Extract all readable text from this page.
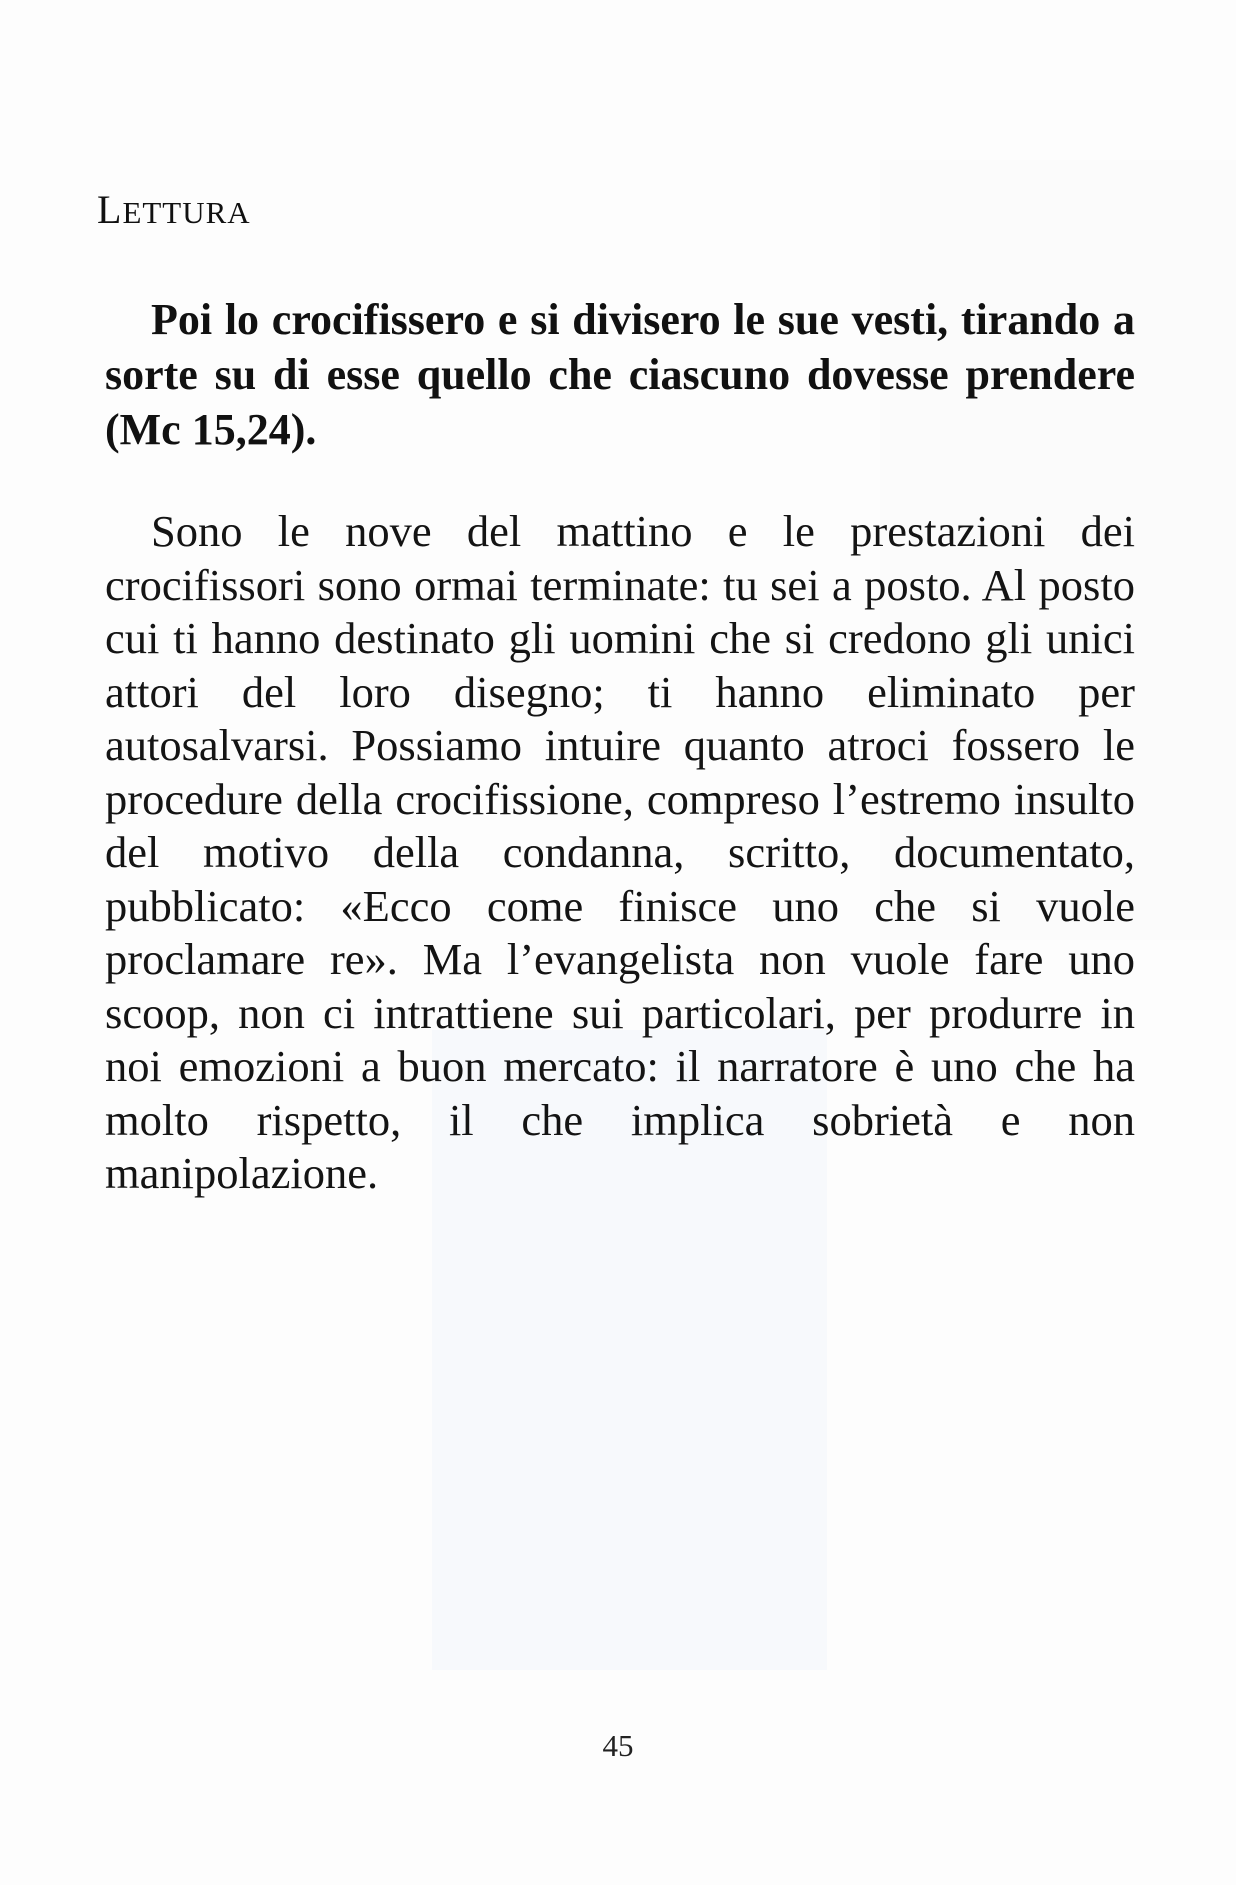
LETTURA

Poi lo crocifissero e si divisero le sue vesti, tirando a sorte su di esse quello che ciascuno dovesse prendere (Mc 15,24).

Sono le nove del mattino e le prestazioni dei crocifissori sono ormai terminate: tu sei a posto. Al posto cui ti hanno destinato gli uomini che si credono gli unici attori del loro disegno; ti hanno eliminato per autosalvarsi. Possiamo intuire quanto atroci fossero le procedure della crocifissione, compreso l’estremo insulto del motivo della condanna, scritto, documentato, pubblicato: «Ecco come finisce uno che si vuole proclamare re». Ma l’evangelista non vuole fare uno scoop, non ci intrattiene sui particolari, per produrre in noi emozioni a buon mercato: il narratore è uno che ha molto rispetto, il che implica sobrietà e non manipolazione.

45
